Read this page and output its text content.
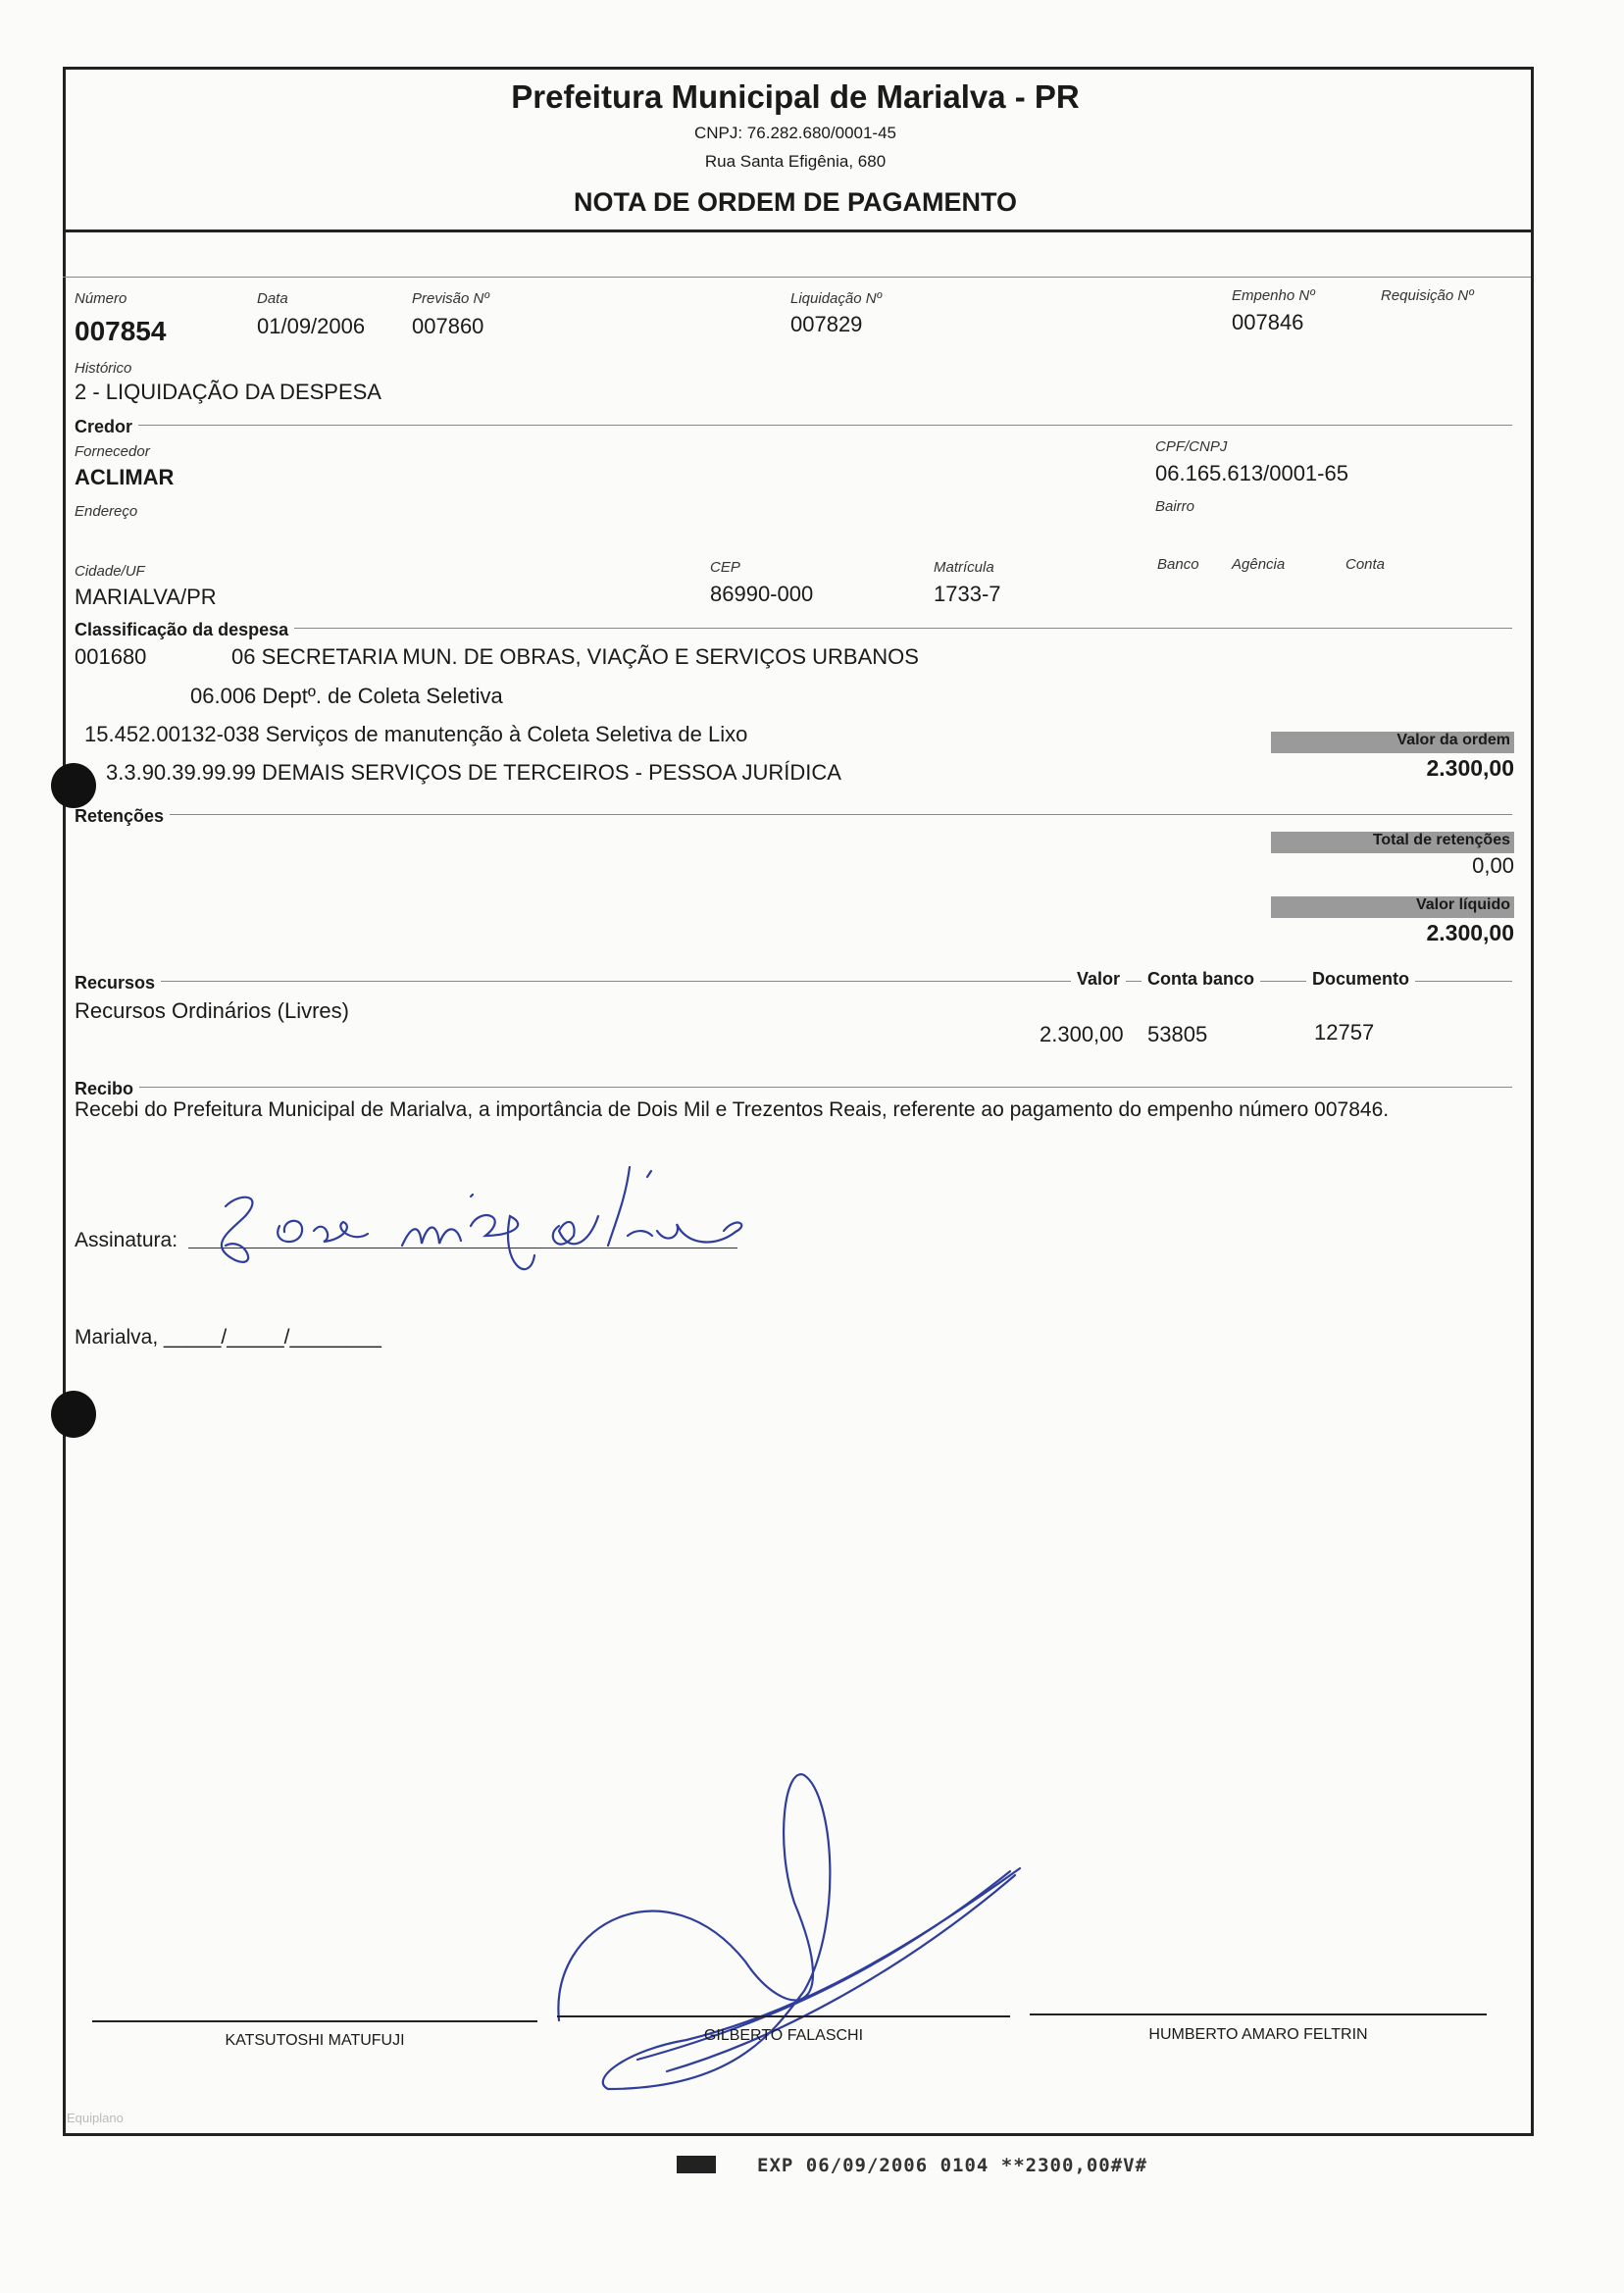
Prefeitura Municipal de Marialva - PR
CNPJ: 76.282.680/0001-45
Rua Santa Efigênia, 680
NOTA DE ORDEM DE PAGAMENTO
Número
007854
Data
01/09/2006
Previsão Nº
007860
Liquidação Nº
007829
Empenho Nº
007846
Requisição Nº
Histórico
2 - LIQUIDAÇÃO DA DESPESA
Credor
Fornecedor
ACLIMAR
CPF/CNPJ
06.165.613/0001-65
Endereço	Bairro
Cidade/UF
MARIALVA/PR
CEP
86990-000
Matrícula
1733-7
Banco Agência	Conta
Classificação da despesa
001680	06 SECRETARIA MUN. DE OBRAS, VIAÇÃO E SERVIÇOS URBANOS
06.006 Deptº. de Coleta Seletiva
15.452.00132-038 Serviços de manutenção à Coleta Seletiva de Lixo
3.3.90.39.99.99 DEMAIS SERVIÇOS DE TERCEIROS - PESSOA JURÍDICA
Valor da ordem
2.300,00
Retenções
Total de retenções
0,00
Valor líquido
2.300,00
Recursos	Valor	Conta banco	Documento
Recursos Ordinários (Livres)
2.300,00 53805	12757
Recibo
Recebi do Prefeitura Municipal de Marialva, a importância de Dois Mil e Trezentos Reais, referente ao pagamento do empenho número 007846.
Assinatura:
Marialva, _____/_____/________
KATSUTOSHI MATUFUJI	GILBERTO FALASCHI	HUMBERTO AMARO FELTRIN
Equiplano
EXP 06/09/2006 0104 **2300,00#V#
